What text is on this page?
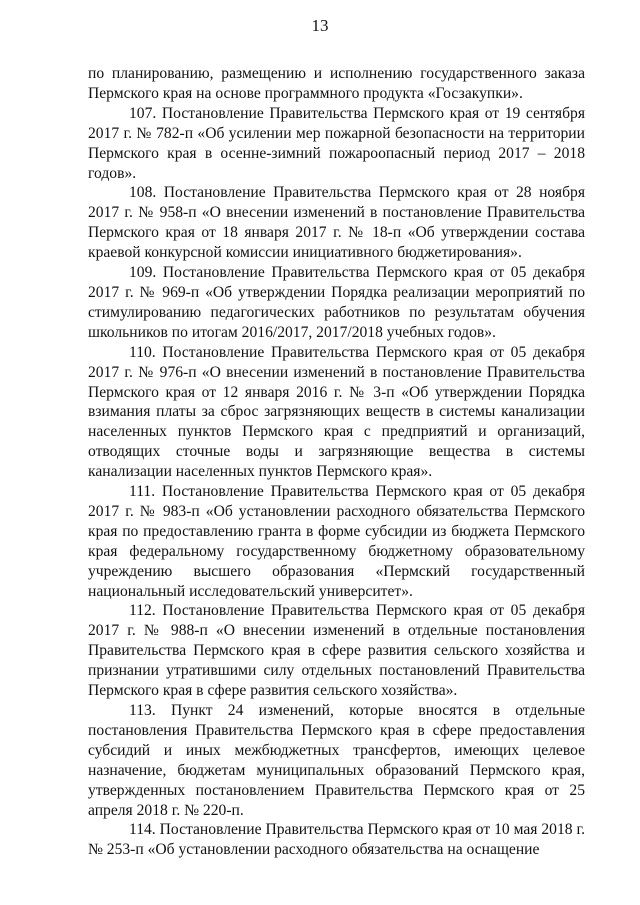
13

по планированию, размещению и исполнению государственного заказа Пермского края на основе программного продукта «Госзакупки».

107. Постановление Правительства Пермского края от 19 сентября 2017 г. № 782-п «Об усилении мер пожарной безопасности на территории Пермского края в осенне-зимний пожароопасный период 2017 – 2018 годов».

108. Постановление Правительства Пермского края от 28 ноября 2017 г. № 958-п «О внесении изменений в постановление Правительства Пермского края от 18 января 2017 г. № 18-п «Об утверждении состава краевой конкурсной комиссии инициативного бюджетирования».

109. Постановление Правительства Пермского края от 05 декабря 2017 г. № 969-п «Об утверждении Порядка реализации мероприятий по стимулированию педагогических работников по результатам обучения школьников по итогам 2016/2017, 2017/2018 учебных годов».

110. Постановление Правительства Пермского края от 05 декабря 2017 г. № 976-п «О внесении изменений в постановление Правительства Пермского края от 12 января 2016 г. № 3-п «Об утверждении Порядка взимания платы за сброс загрязняющих веществ в системы канализации населенных пунктов Пермского края с предприятий и организаций, отводящих сточные воды и загрязняющие вещества в системы канализации населенных пунктов Пермского края».

111. Постановление Правительства Пермского края от 05 декабря 2017 г. № 983-п «Об установлении расходного обязательства Пермского края по предоставлению гранта в форме субсидии из бюджета Пермского края федеральному государственному бюджетному образовательному учреждению высшего образования «Пермский государственный национальный исследовательский университет».

112. Постановление Правительства Пермского края от 05 декабря 2017 г. № 988-п «О внесении изменений в отдельные постановления Правительства Пермского края в сфере развития сельского хозяйства и признании утратившими силу отдельных постановлений Правительства Пермского края в сфере развития сельского хозяйства».

113. Пункт 24 изменений, которые вносятся в отдельные постановления Правительства Пермского края в сфере предоставления субсидий и иных межбюджетных трансфертов, имеющих целевое назначение, бюджетам муниципальных образований Пермского края, утвержденных постановлением Правительства Пермского края от 25 апреля 2018 г. № 220-п.

114. Постановление Правительства Пермского края от 10 мая 2018 г. № 253-п «Об установлении расходного обязательства на оснащение
